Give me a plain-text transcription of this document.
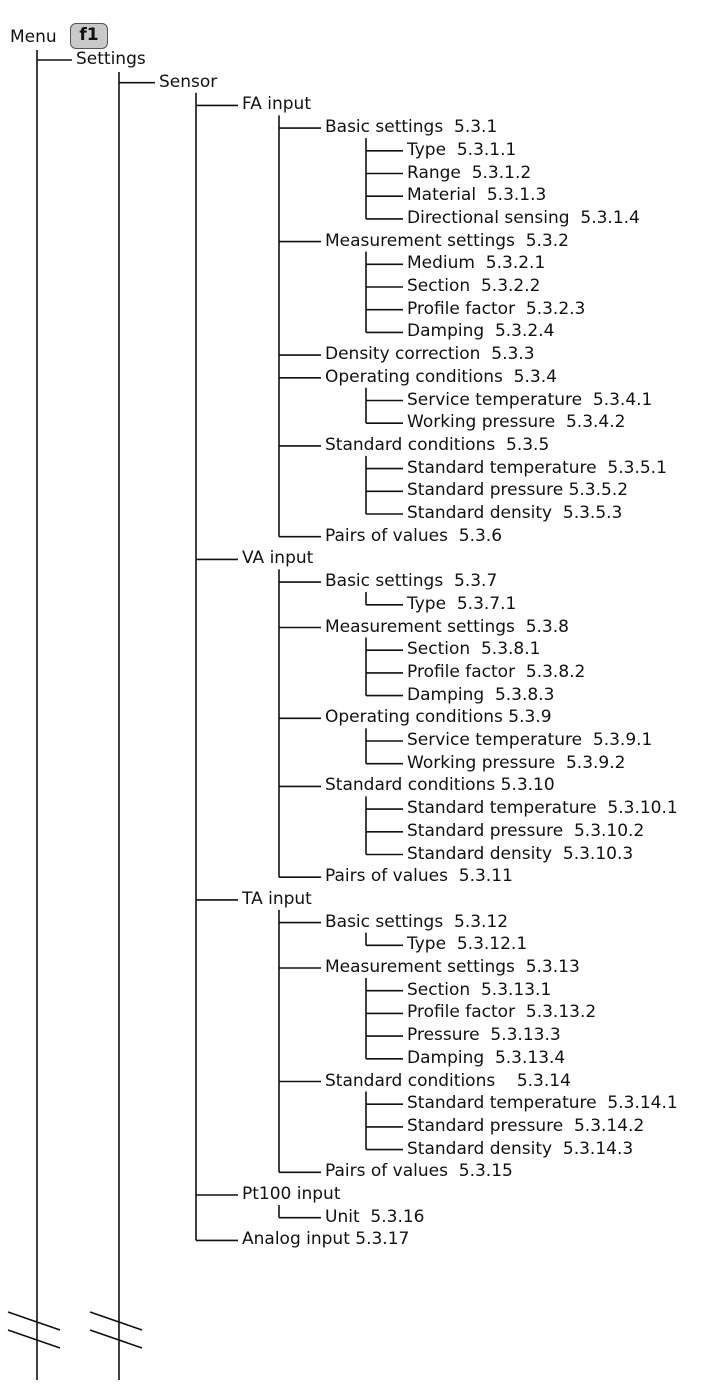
Menu	f1
Settings
Sensor
FA input
Basic settings  5.3.1
Type  5.3.1.1
Range  5.3.1.2
Material  5.3.1.3
Directional sensing  5.3.1.4
Measurement settings  5.3.2
Medium  5.3.2.1
Section  5.3.2.2
Profile factor  5.3.2.3
Damping  5.3.2.4
Density correction  5.3.3
Operating conditions  5.3.4
Service temperature  5.3.4.1
Working pressure  5.3.4.2
Standard conditions  5.3.5
Standard temperature  5.3.5.1
Standard pressure 5.3.5.2
Standard density  5.3.5.3
Pairs of values  5.3.6
VA input
Basic settings  5.3.7
Type  5.3.7.1
Measurement settings  5.3.8
Section  5.3.8.1
Profile factor  5.3.8.2
Damping  5.3.8.3
Operating conditions 5.3.9
Service temperature  5.3.9.1
Working pressure  5.3.9.2
Standard conditions 5.3.10
Standard temperature  5.3.10.1
Standard pressure  5.3.10.2
Standard density  5.3.10.3
Pairs of values  5.3.11
TA input
Basic settings  5.3.12
Type  5.3.12.1
Measurement settings  5.3.13
Section  5.3.13.1
Profile factor  5.3.13.2
Pressure  5.3.13.3
Damping  5.3.13.4
Standard conditions    5.3.14
Standard temperature  5.3.14.1
Standard pressure  5.3.14.2
Standard density  5.3.14.3
Pairs of values  5.3.15
Pt100 input
Unit  5.3.16
Analog input 5.3.17
